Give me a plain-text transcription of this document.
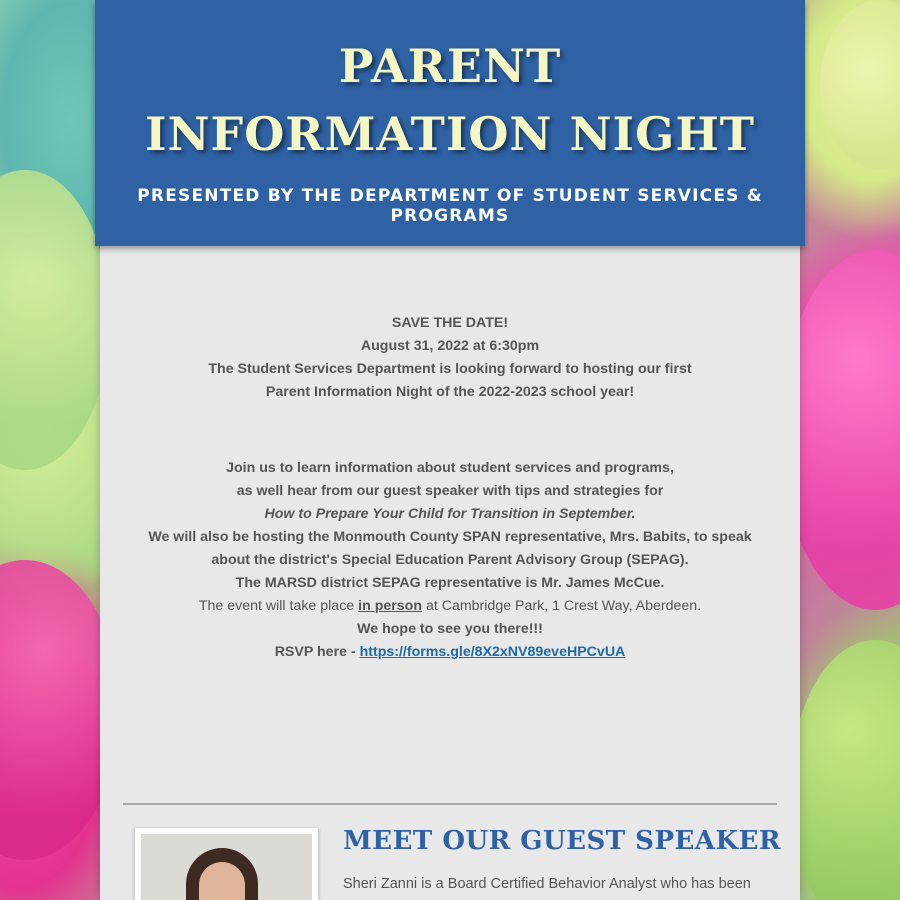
PARENT
INFORMATION NIGHT

PRESENTED BY THE DEPARTMENT OF STUDENT SERVICES & PROGRAMS

SAVE THE DATE!

August 31, 2022 at 6:30pm

The Student Services Department is looking forward to hosting our first

Parent Information Night of the 2022-2023 school year!

Join us to learn information about student services and programs,

as well hear from our guest speaker with tips and strategies for

How to Prepare Your Child for Transition in September.

We will also be hosting the Monmouth County SPAN representative, Mrs. Babits, to speak

about the district's Special Education Parent Advisory Group (SEPAG).

The MARSD district SEPAG representative is Mr. James McCue.

The event will take place in person at Cambridge Park, 1 Crest Way, Aberdeen.

We hope to see you there!!!

RSVP here - https://forms.gle/8X2xNV89eveHPCvUA

MEET OUR GUEST SPEAKER

Sheri Zanni is a Board Certified Behavior Analyst who has been
